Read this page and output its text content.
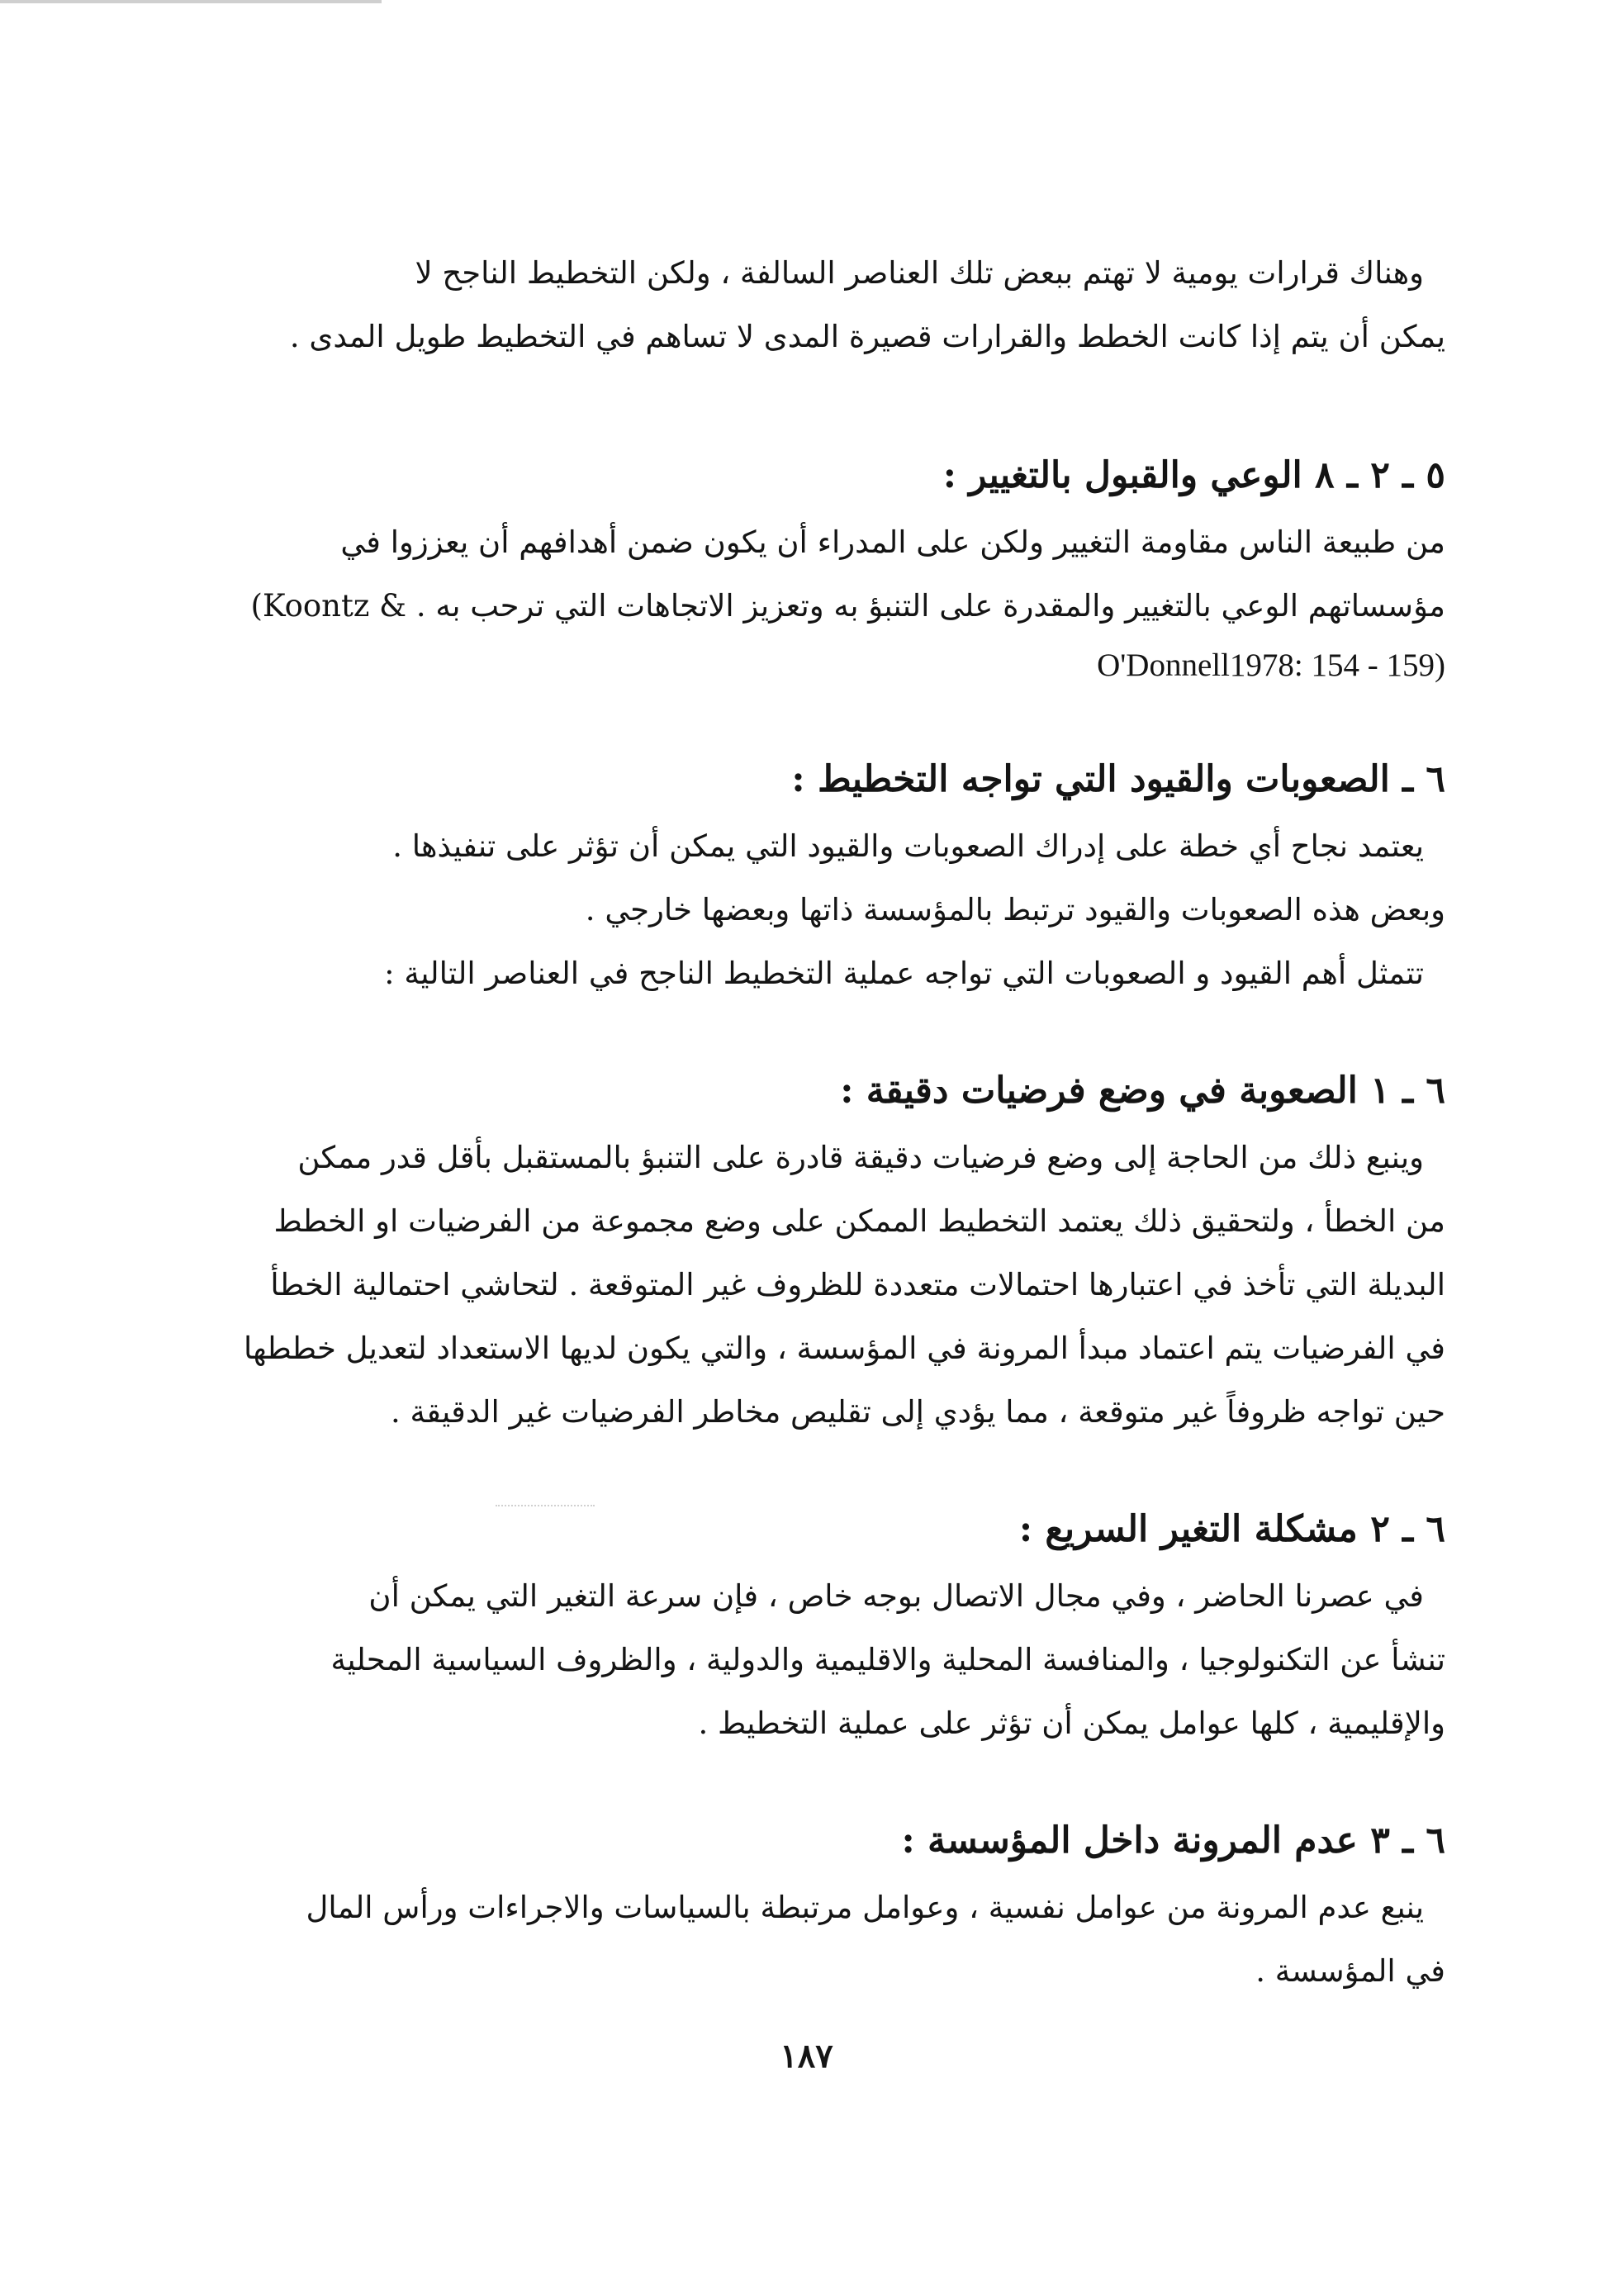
وهناك قرارات يومية لا تهتم ببعض تلك العناصر السالفة ، ولكن التخطيط الناجح لا

يمكن أن يتم إذا كانت الخطط والقرارات قصيرة المدى لا تساهم في التخطيط طويل المدى .

٥ ـ ٢ ـ ٨ الوعي والقبول بالتغيير :

من طبيعة الناس مقاومة التغيير ولكن على المدراء أن يكون ضمن أهدافهم أن يعززوا في

مؤسساتهم الوعي بالتغيير والمقدرة على التنبؤ به وتعزيز الاتجاهات التي ترحب به . & Koontz)

O'Donnell1978: 154 - 159)

٦ ـ الصعوبات والقيود التي تواجه التخطيط :

يعتمد نجاح أي خطة على إدراك الصعوبات والقيود التي يمكن أن تؤثر على تنفيذها .

وبعض هذه الصعوبات والقيود ترتبط بالمؤسسة ذاتها وبعضها خارجي .

تتمثل أهم القيود و الصعوبات التي تواجه عملية التخطيط الناجح في العناصر التالية :

٦ ـ ١ الصعوبة في وضع فرضيات دقيقة :

وينبع ذلك من الحاجة إلى وضع فرضيات دقيقة قادرة على التنبؤ بالمستقبل بأقل قدر ممكن

من الخطأ ، ولتحقيق ذلك يعتمد التخطيط الممكن على وضع مجموعة من الفرضيات او الخطط

البديلة التي تأخذ في اعتبارها احتمالات متعددة للظروف غير المتوقعة . لتحاشي احتمالية الخطأ

في الفرضيات يتم اعتماد مبدأ المرونة في المؤسسة ، والتي يكون لديها الاستعداد لتعديل خططها

حين تواجه ظروفاً غير متوقعة ، مما يؤدي إلى تقليص مخاطر الفرضيات غير الدقيقة .

٦ ـ ٢ مشكلة التغير السريع :

في عصرنا الحاضر ، وفي مجال الاتصال بوجه خاص ، فإن سرعة التغير التي يمكن أن

تنشأ عن التكنولوجيا ، والمنافسة المحلية والاقليمية والدولية ، والظروف السياسية المحلية

والإقليمية ، كلها عوامل يمكن أن تؤثر على عملية التخطيط .

٦ ـ ٣ عدم المرونة داخل المؤسسة :

ينبع عدم المرونة من عوامل نفسية ، وعوامل مرتبطة بالسياسات والاجراءات ورأس المال

في المؤسسة .

١٨٧
